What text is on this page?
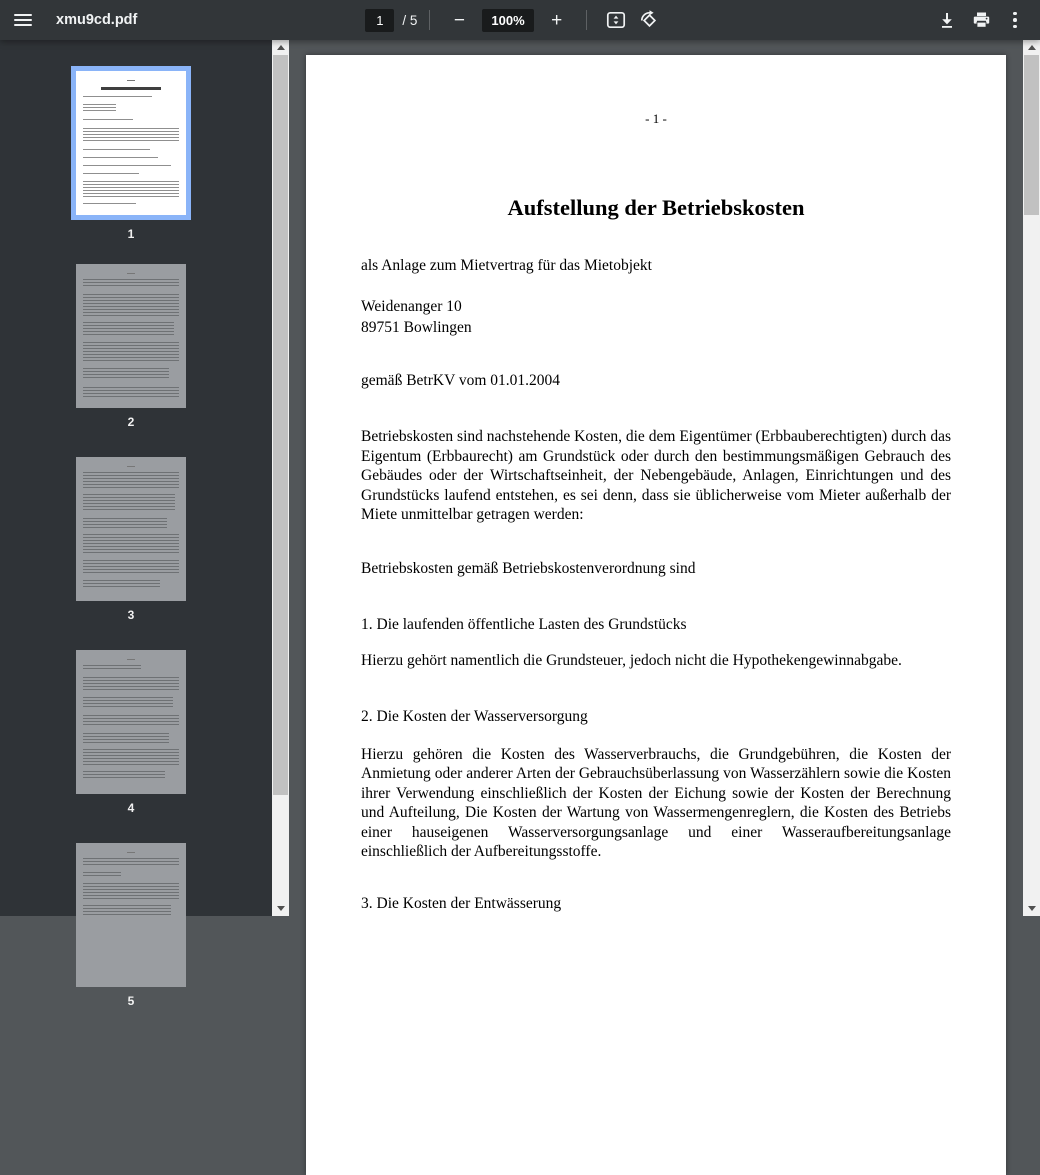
xmu9cd.pdf
1	/ 5 −	100%	+
1
2
3
4
5
- 1 -
Aufstellung der Betriebskosten
als Anlage zum Mietvertrag für das Mietobjekt
Weidenanger 10
89751 Bowlingen
gemäß BetrKV vom 01.01.2004
Betriebskosten sind nachstehende Kosten, die dem Eigentümer (Erbbauberechtigten) durch das Eigentum (Erbbaurecht) am Grundstück oder durch den bestimmungsmäßigen Gebrauch des Gebäudes oder der Wirtschaftseinheit, der Nebengebäude, Anlagen, Einrichtungen und des Grundstücks laufend entstehen, es sei denn, dass sie üblicherweise vom Mieter außerhalb der Miete unmittelbar getragen werden:
Betriebskosten gemäß Betriebskostenverordnung sind
1. Die laufenden öffentliche Lasten des Grundstücks
Hierzu gehört namentlich die Grundsteuer, jedoch nicht die Hypothekengewinnabgabe.
2. Die Kosten der Wasserversorgung
Hierzu gehören die Kosten des Wasserverbrauchs, die Grundgebühren, die Kosten der Anmietung oder anderer Arten der Gebrauchsüberlassung von Wasserzählern sowie die Kosten ihrer Verwendung einschließlich der Kosten der Eichung sowie der Kosten der Berechnung und Aufteilung, Die Kosten der Wartung von Wassermengenreglern, die Kosten des Betriebs einer hauseigenen Wasserversorgungsanlage und einer Wasseraufbereitungsanlage einschließlich der Aufbereitungsstoffe.
3. Die Kosten der Entwässerung
